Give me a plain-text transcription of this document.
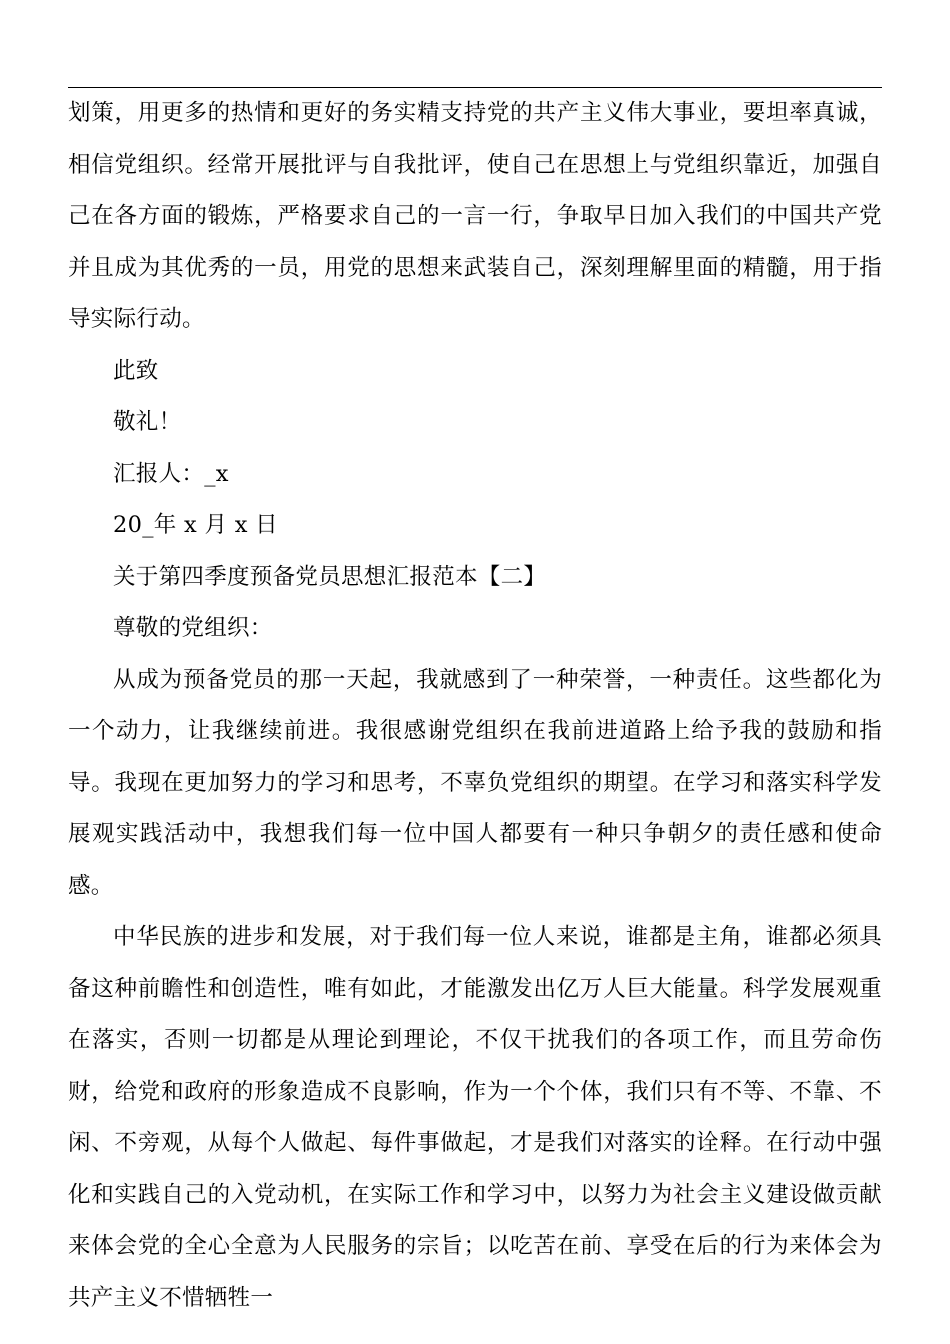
划策，用更多的热情和更好的务实精支持党的共产主义伟大事业，要坦率真诚，相信党组织。经常开展批评与自我批评，使自己在思想上与党组织靠近，加强自己在各方面的锻炼，严格要求自己的一言一行，争取早日加入我们的中国共产党并且成为其优秀的一员，用党的思想来武装自己，深刻理解里面的精髓，用于指导实际行动。

此致

敬礼！

汇报人：_x

20_年 x 月 x 日

关于第四季度预备党员思想汇报范本【二】

尊敬的党组织：

从成为预备党员的那一天起，我就感到了一种荣誉，一种责任。这些都化为一个动力，让我继续前进。我很感谢党组织在我前进道路上给予我的鼓励和指导。我现在更加努力的学习和思考，不辜负党组织的期望。在学习和落实科学发展观实践活动中，我想我们每一位中国人都要有一种只争朝夕的责任感和使命感。

中华民族的进步和发展，对于我们每一位人来说，谁都是主角，谁都必须具备这种前瞻性和创造性，唯有如此，才能激发出亿万人巨大能量。科学发展观重在落实，否则一切都是从理论到理论，不仅干扰我们的各项工作，而且劳命伤财，给党和政府的形象造成不良影响，作为一个个体，我们只有不等、不靠、不闲、不旁观，从每个人做起、每件事做起，才是我们对落实的诠释。在行动中强化和实践自己的入党动机，在实际工作和学习中，以努力为社会主义建设做贡献来体会党的全心全意为人民服务的宗旨；以吃苦在前、享受在后的行为来体会为共产主义不惜牺牲一
